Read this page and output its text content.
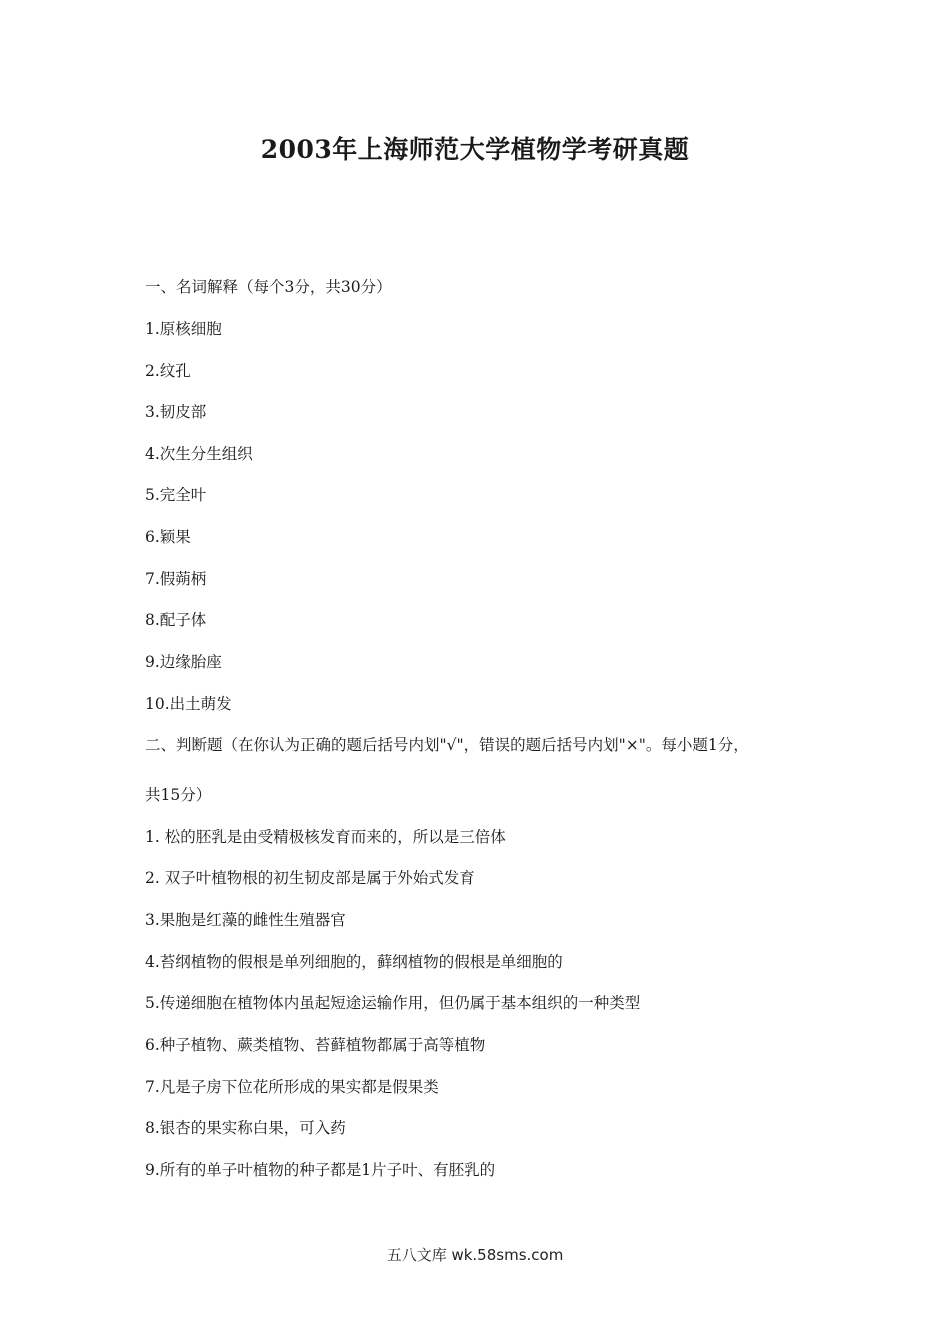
2003年上海师范大学植物学考研真题
一、名词解释（每个3分，共30分）
1.原核细胞
2.纹孔
3.韧皮部
4.次生分生组织
5.完全叶
6.颖果
7.假蒴柄
8.配子体
9.边缘胎座
10.出土萌发
二、判断题（在你认为正确的题后括号内划"√"，错误的题后括号内划"×"。每小题1分，
共15分）
1. 松的胚乳是由受精极核发育而来的，所以是三倍体
2. 双子叶植物根的初生韧皮部是属于外始式发育
3.果胞是红藻的雌性生殖器官
4.苔纲植物的假根是单列细胞的，藓纲植物的假根是单细胞的
5.传递细胞在植物体内虽起短途运输作用，但仍属于基本组织的一种类型
6.种子植物、蕨类植物、苔藓植物都属于高等植物
7.凡是子房下位花所形成的果实都是假果类
8.银杏的果实称白果，可入药
9.所有的单子叶植物的种子都是1片子叶、有胚乳的
五八文库 wk.58sms.com
